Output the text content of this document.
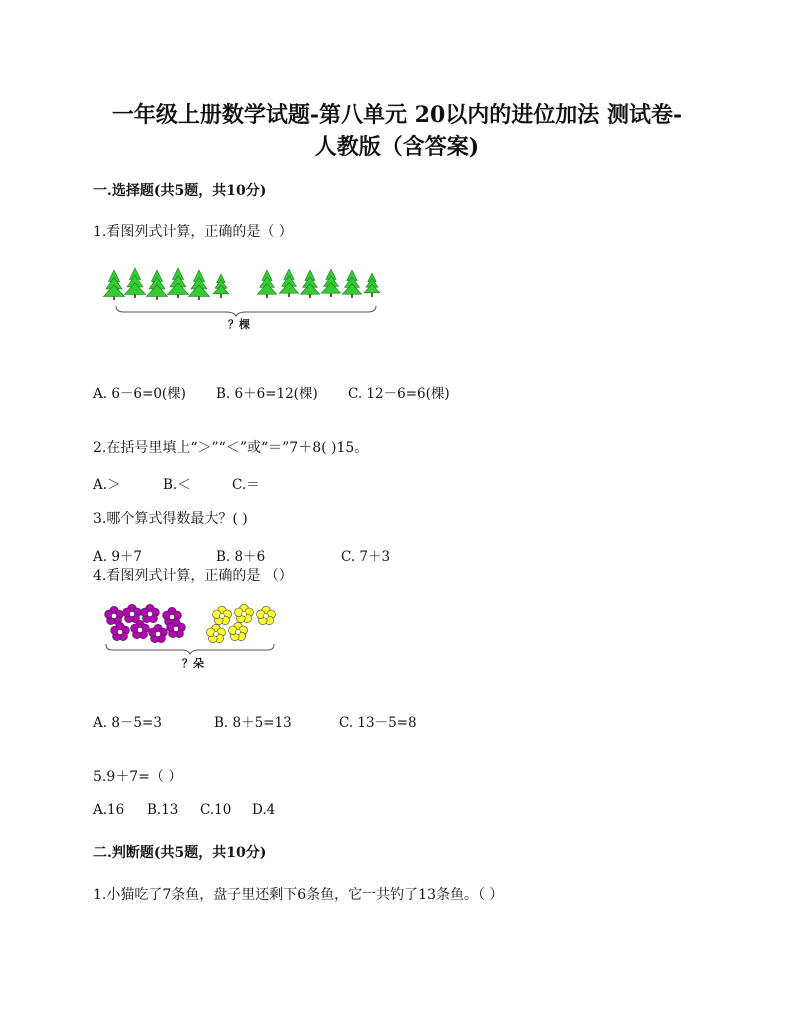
一年级上册数学试题-第八单元 20以内的进位加法 测试卷-
人教版（含答案)
一.选择题(共5题，共10分)
1.看图列式计算，正确的是（ ）
？棵
A. 6－6=0(棵) B. 6＋6=12(棵) C. 12－6=6(棵)
2.在括号里填上“＞”“＜”或“＝”7＋8( )15。
A.＞	B.＜	C.＝
3.哪个算式得数最大？( )
A. 9＋7	B. 8＋6	C. 7＋3
4.看图列式计算，正确的是 （）
？朵
A. 8－5=3	B. 8＋5=13	C. 13－5=8
5.9＋7=（ ）
A.16 B.13 C.10 D.4
二.判断题(共5题，共10分)
1.小猫吃了7条鱼，盘子里还剩下6条鱼，它一共钓了13条鱼。（ ）
